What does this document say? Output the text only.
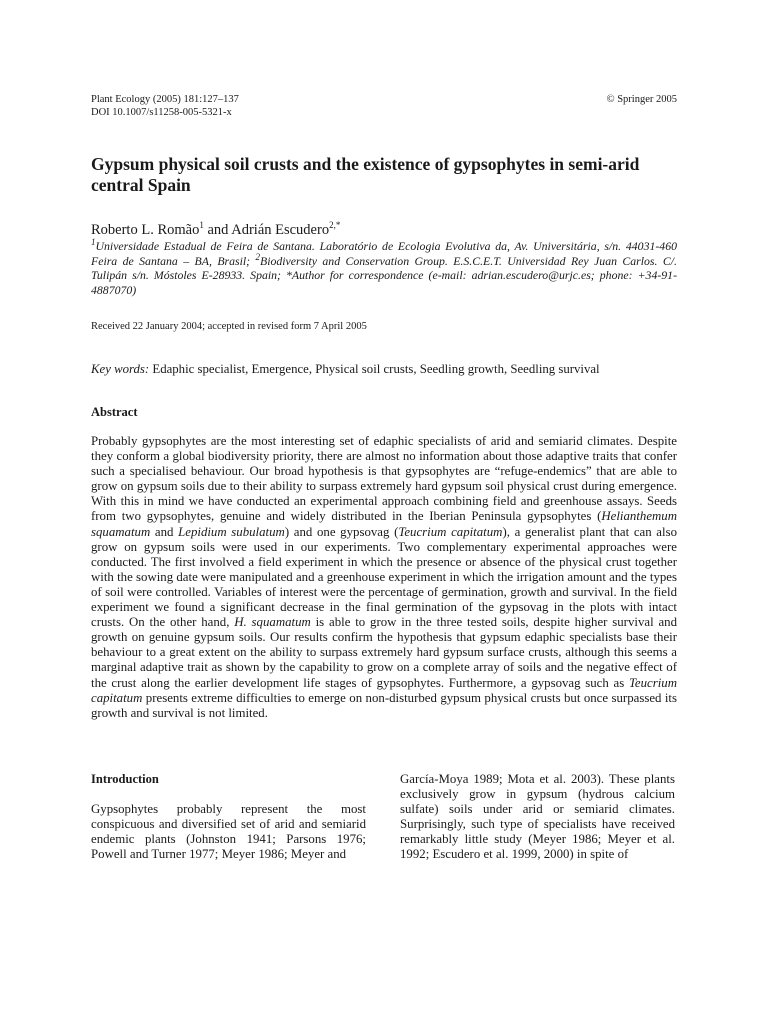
Plant Ecology (2005) 181:127–137
DOI 10.1007/s11258-005-5321-x
© Springer 2005
Gypsum physical soil crusts and the existence of gypsophytes in semi-arid central Spain
Roberto L. Romão$^1$ and Adrián Escudero$^{2,*}$
$^1$Universidade Estadual de Feira de Santana. Laboratório de Ecologia Evolutiva da, Av. Universitária, s/n. 44031-460 Feira de Santana – BA, Brasil; $^2$Biodiversity and Conservation Group. E.S.C.E.T. Universidad Rey Juan Carlos. C/. Tulipán s/n. Móstoles E-28933. Spain; *Author for correspondence (e-mail: adrian.escudero@urjc.es; phone: +34-91-4887070)
Received 22 January 2004; accepted in revised form 7 April 2005
Key words: Edaphic specialist, Emergence, Physical soil crusts, Seedling growth, Seedling survival
Abstract
Probably gypsophytes are the most interesting set of edaphic specialists of arid and semiarid climates. Despite they conform a global biodiversity priority, there are almost no information about those adaptive traits that confer such a specialised behaviour. Our broad hypothesis is that gypsophytes are “refuge-endemics” that are able to grow on gypsum soils due to their ability to surpass extremely hard gypsum soil physical crust during emergence. With this in mind we have conducted an experimental approach combining field and greenhouse assays. Seeds from two gypsophytes, genuine and widely distributed in the Iberian Peninsula gypsophytes (Helianthemum squamatum and Lepidium subulatum) and one gypsovag (Teucrium capitatum), a generalist plant that can also grow on gypsum soils were used in our experiments. Two complementary experimental approaches were conducted. The first involved a field experiment in which the presence or absence of the physical crust together with the sowing date were manipulated and a greenhouse experiment in which the irrigation amount and the types of soil were controlled. Variables of interest were the percentage of germination, growth and survival. In the field experiment we found a significant decrease in the final germination of the gypsovag in the plots with intact crusts. On the other hand, H. squamatum is able to grow in the three tested soils, despite higher survival and growth on genuine gypsum soils. Our results confirm the hypothesis that gypsum edaphic specialists base their behaviour to a great extent on the ability to surpass extremely hard gypsum surface crusts, although this seems a marginal adaptive trait as shown by the capability to grow on a complete array of soils and the negative effect of the crust along the earlier development life stages of gypsophytes. Furthermore, a gypsovag such as Teucrium capitatum presents extreme difficulties to emerge on non-disturbed gypsum physical crusts but once surpassed its growth and survival is not limited.
Introduction
Gypsophytes probably represent the most conspicuous and diversified set of arid and semiarid endemic plants (Johnston 1941; Parsons 1976; Powell and Turner 1977; Meyer 1986; Meyer and
García-Moya 1989; Mota et al. 2003). These plants exclusively grow in gypsum (hydrous calcium sulfate) soils under arid or semiarid climates. Surprisingly, such type of specialists have received remarkably little study (Meyer 1986; Meyer et al. 1992; Escudero et al. 1999, 2000) in spite of
